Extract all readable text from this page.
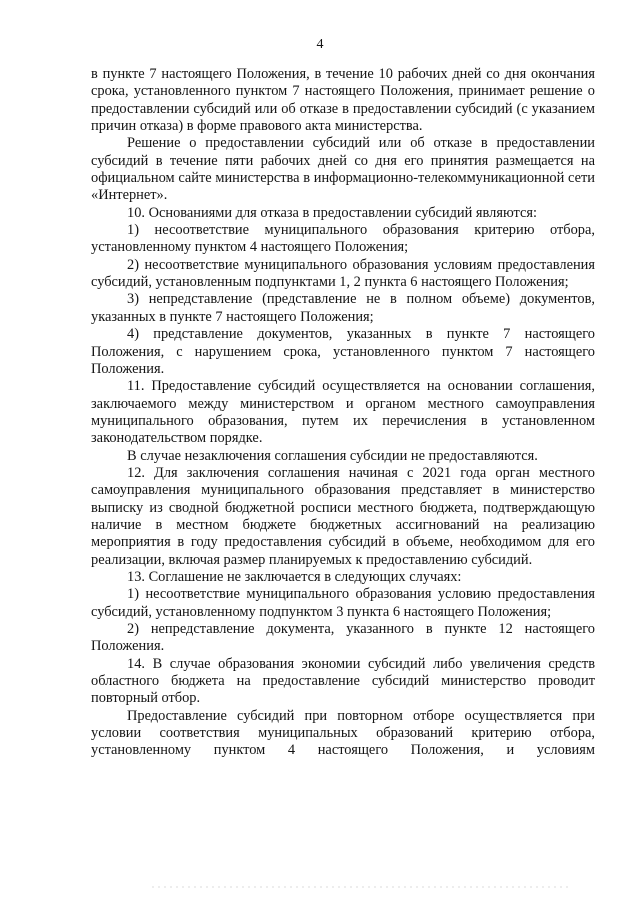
4

в пункте 7 настоящего Положения, в течение 10 рабочих дней со дня окончания срока, установленного пунктом 7 настоящего Положения, принимает решение о предоставлении субсидий или об отказе в предоставлении субсидий (с указанием причин отказа) в форме правового акта министерства.

Решение о предоставлении субсидий или об отказе в предоставлении субсидий в течение пяти рабочих дней со дня его принятия размещается на официальном сайте министерства в информационно-телекоммуникационной сети «Интернет».

10. Основаниями для отказа в предоставлении субсидий являются:

1) несоответствие муниципального образования критерию отбора, установленному пунктом 4 настоящего Положения;

2) несоответствие муниципального образования условиям предоставления субсидий, установленным подпунктами 1, 2 пункта 6 настоящего Положения;

3) непредставление (представление не в полном объеме) документов, указанных в пункте 7 настоящего Положения;

4) представление документов, указанных в пункте 7 настоящего Положения, с нарушением срока, установленного пунктом 7 настоящего Положения.

11. Предоставление субсидий осуществляется на основании соглашения, заключаемого между министерством и органом местного самоуправления муниципального образования, путем их перечисления в установленном законодательством порядке.

В случае незаключения соглашения субсидии не предоставляются.

12. Для заключения соглашения начиная с 2021 года орган местного самоуправления муниципального образования представляет в министерство выписку из сводной бюджетной росписи местного бюджета, подтверждающую наличие в местном бюджете бюджетных ассигнований на реализацию мероприятия в году предоставления субсидий в объеме, необходимом для его реализации, включая размер планируемых к предоставлению субсидий.

13. Соглашение не заключается в следующих случаях:

1) несоответствие муниципального образования условию предоставления субсидий, установленному подпунктом 3 пункта 6 настоящего Положения;

2) непредставление документа, указанного в пункте 12 настоящего Положения.

14. В случае образования экономии субсидий либо увеличения средств областного бюджета на предоставление субсидий министерство проводит повторный отбор.

Предоставление субсидий при повторном отборе осуществляется при условии соответствия муниципальных образований критерию отбора, установленному пунктом 4 настоящего Положения, и условиям
